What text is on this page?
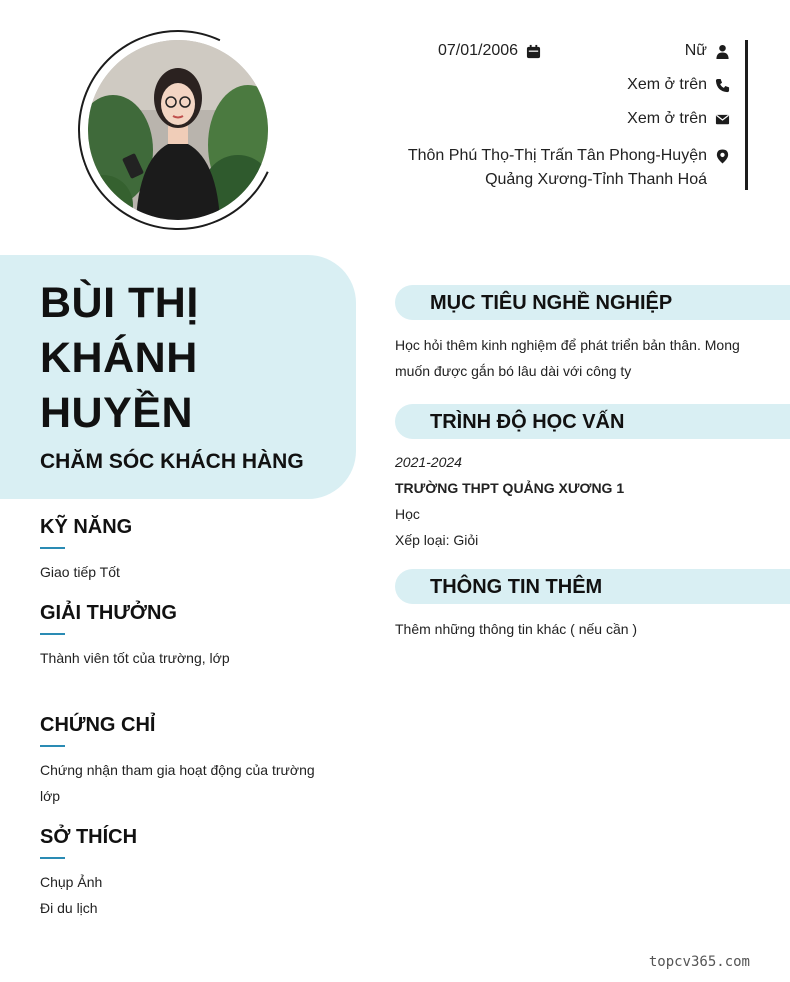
07/01/2006	Nữ
Xem ở trên
Xem ở trên
Thôn Phú Thọ-Thị Trấn Tân Phong-Huyện
Quảng Xương-Tỉnh Thanh Hoá
BÙI THỊ
KHÁNH
HUYỀN
CHĂM SÓC KHÁCH HÀNG
KỸ NĂNG

Giao tiếp Tốt

GIẢI THƯỞNG

Thành viên tốt của trường, lớp

CHỨNG CHỈ

Chứng nhận tham gia hoạt động của trường lớp

SỞ THÍCH

Chụp Ảnh

Đi du lịch

MỤC TIÊU NGHỀ NGHIỆP
Học hỏi thêm kinh nghiệm để phát triển bản thân. Mong muốn được gắn bó lâu dài với công ty
TRÌNH ĐỘ HỌC VẤN
2021-2024
TRƯỜNG THPT QUẢNG XƯƠNG 1
Học
Xếp loại: Giỏi
THÔNG TIN THÊM
Thêm những thông tin khác ( nếu cần )
topcv365.com
